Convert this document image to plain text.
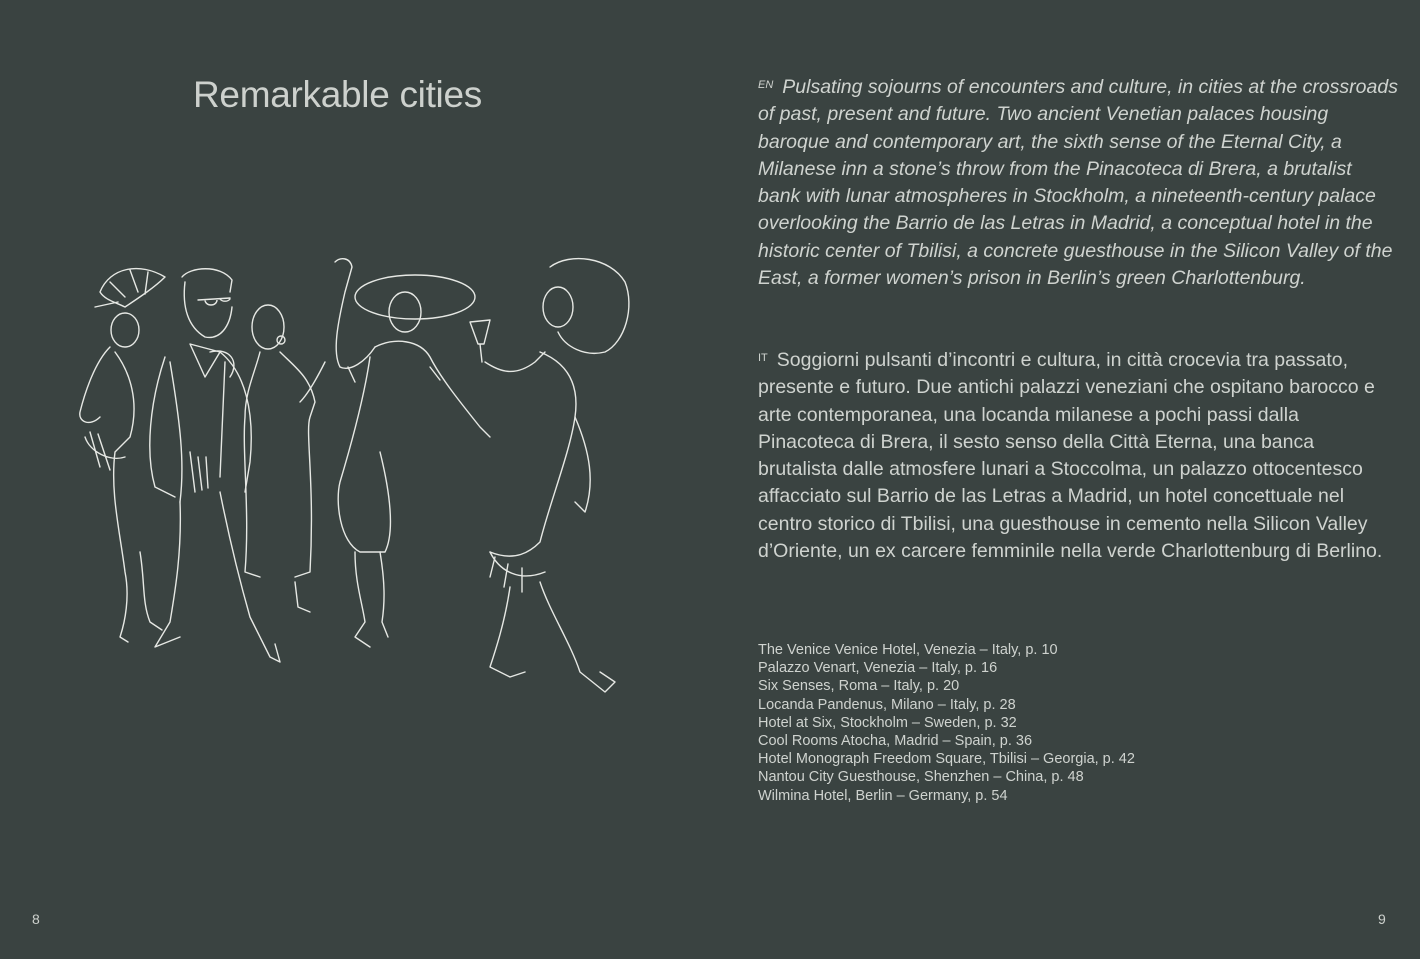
Remarkable cities	$^{EN}$ Pulsating sojourns of encounters and culture, in cities at the crossroads of past, present and future. Two ancient Venetian palaces housing baroque and contemporary art, the sixth sense of the Eternal City, a Milanese inn a stone’s throw from the Pinacoteca di Brera, a brutalist bank with lunar atmospheres in Stockholm, a nineteenth-century palace overlooking the Barrio de las Letras in Madrid, a conceptual hotel in the historic center of Tbilisi, a concrete guesthouse in the Silicon Valley of the East, a former women’s prison in Berlin’s green Charlottenburg.
$^{IT}$ Soggiorni pulsanti d’incontri e cultura, in città crocevia tra passato, presente e futuro. Due antichi palazzi veneziani che ospitano barocco e arte contemporanea, una locanda milanese a pochi passi dalla Pinacoteca di Brera, il sesto senso della Città Eterna, una banca brutalista dalle atmosfere lunari a Stoccolma, un palazzo ottocentesco affacciato sul Barrio de las Letras a Madrid, un hotel concettuale nel centro storico di Tbilisi, una guesthouse in cemento nella Silicon Valley d’Oriente, un ex carcere femminile nella verde Charlottenburg di Berlino.
The Venice Venice Hotel, Venezia – Italy, p. 10
Palazzo Venart, Venezia – Italy, p. 16
Six Senses, Roma – Italy, p. 20
Locanda Pandenus, Milano – Italy, p. 28
Hotel at Six, Stockholm – Sweden, p. 32
Cool Rooms Atocha, Madrid – Spain, p. 36
Hotel Monograph Freedom Square, Tbilisi – Georgia, p. 42
Nantou City Guesthouse, Shenzhen – China, p. 48
Wilmina Hotel, Berlin – Germany, p. 54
8	9
